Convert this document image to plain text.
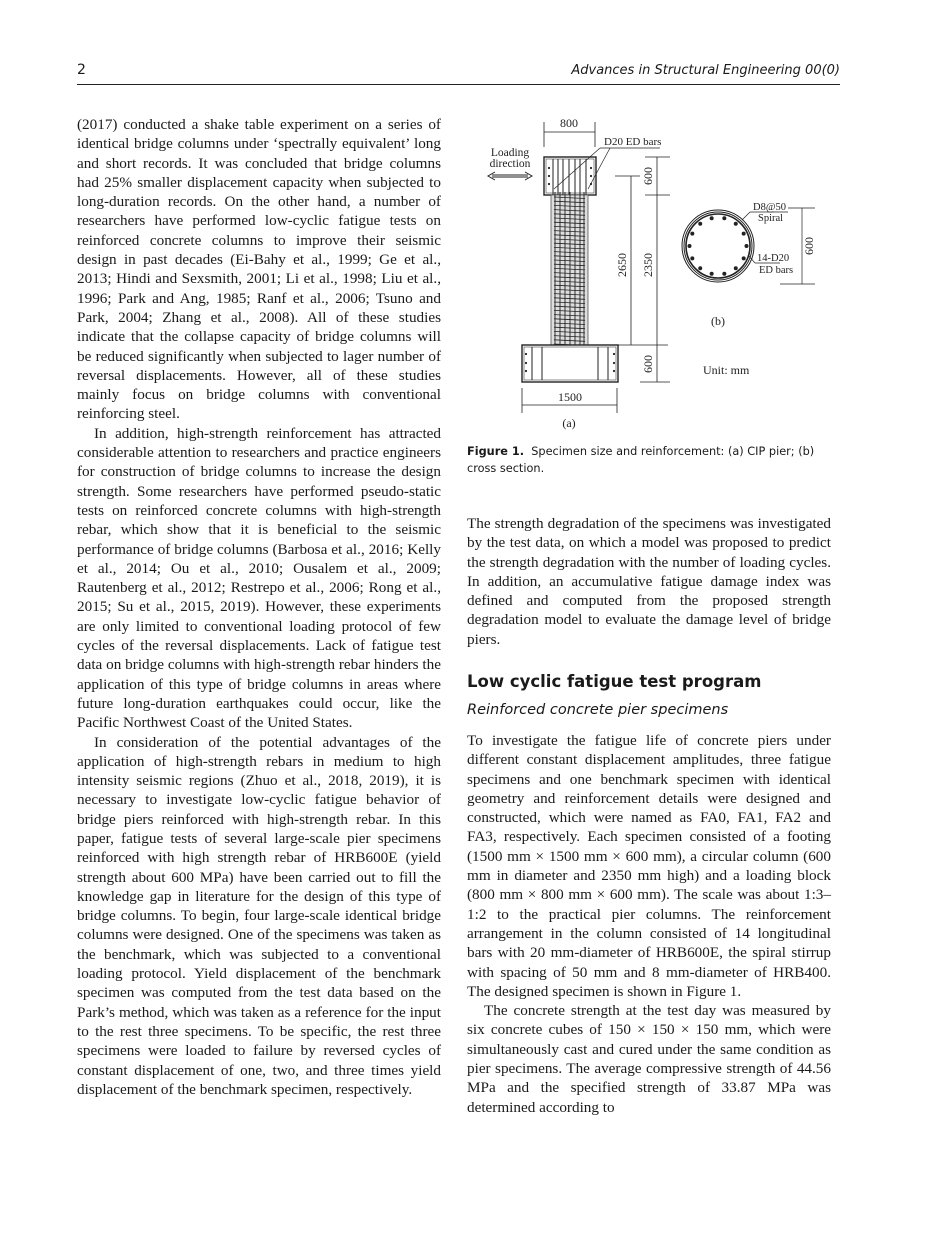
2	Advances in Structural Engineering 00(0)

(2017) conducted a shake table experiment on a series of identical bridge columns under ‘spectrally equivalent’ long and short records. It was concluded that bridge columns had 25% smaller displacement capacity when subjected to long-duration records. On the other hand, a number of researchers have performed low-cyclic fatigue tests on reinforced concrete columns to improve their seismic design in past decades (Ei-Bahy et al., 1999; Ge et al., 2013; Hindi and Sexsmith, 2001; Li et al., 1998; Liu et al., 1996; Park and Ang, 1985; Ranf et al., 2006; Tsuno and Park, 2004; Zhang et al., 2008). All of these studies indicate that the collapse capacity of bridge columns will be reduced significantly when subjected to lager number of reversal displacements. However, all of these studies mainly focus on bridge columns with conventional reinforcing steel.

In addition, high-strength reinforcement has attracted considerable attention to researchers and practice engineers for construction of bridge columns to increase the design strength. Some researchers have performed pseudo-static tests on reinforced concrete columns with high-strength rebar, which show that it is beneficial to the seismic performance of bridge columns (Barbosa et al., 2016; Kelly et al., 2014; Ou et al., 2010; Ousalem et al., 2009; Rautenberg et al., 2012; Restrepo et al., 2006; Rong et al., 2015; Su et al., 2015, 2019). However, these experiments are only limited to conventional loading protocol of few cycles of the reversal displacements. Lack of fatigue test data on bridge columns with high-strength rebar hinders the application of this type of bridge columns in areas where future long-duration earthquakes could occur, like the Pacific Northwest Coast of the United States.

In consideration of the potential advantages of the application of high-strength rebars in medium to high intensity seismic regions (Zhuo et al., 2018, 2019), it is necessary to investigate low-cyclic fatigue behavior of bridge piers reinforced with high-strength rebar. In this paper, fatigue tests of several large-scale pier specimens reinforced with high strength rebar of HRB600E (yield strength about 600 MPa) have been carried out to fill the knowledge gap in literature for the design of this type of bridge columns. To begin, four large-scale identical bridge columns were designed. One of the specimens was taken as the benchmark, which was subjected to a conventional loading protocol. Yield displacement of the benchmark specimen was computed from the test data based on the Park’s method, which was taken as a reference for the input to the rest three specimens. To be specific, the rest three specimens were loaded to failure by reversed cycles of constant displacement of one, two, and three times yield displacement of the benchmark specimen, respectively.

Loading
direction
800
D20 ED bars
1500
(a)
600
2650 2350
600
D8@50
Spiral
14-D20
ED bars
600
(b)
Unit: mm
Figure 1. Specimen size and reinforcement: (a) CIP pier; (b) cross section.

The strength degradation of the specimens was investigated by the test data, on which a model was proposed to predict the strength degradation with the number of loading cycles. In addition, an accumulative fatigue damage index was defined and computed from the proposed strength degradation model to evaluate the damage level of bridge piers.

Low cyclic fatigue test program
Reinforced concrete pier specimens

To investigate the fatigue life of concrete piers under different constant displacement amplitudes, three fatigue specimens and one benchmark specimen with identical geometry and reinforcement details were designed and constructed, which were named as FA0, FA1, FA2 and FA3, respectively. Each specimen consisted of a footing (1500 mm × 1500 mm × 600 mm), a circular column (600 mm in diameter and 2350 mm high) and a loading block (800 mm × 800 mm × 600 mm). The scale was about 1:3–1:2 to the practical pier columns. The reinforcement arrangement in the column consisted of 14 longitudinal bars with 20 mm-diameter of HRB600E, the spiral stirrup with spacing of 50 mm and 8 mm-diameter of HRB400. The designed specimen is shown in Figure 1.

The concrete strength at the test day was measured by six concrete cubes of 150 × 150 × 150 mm, which were simultaneously cast and cured under the same condition as pier specimens. The average compressive strength of 44.56 MPa and the specified strength of 33.87 MPa was determined according to
